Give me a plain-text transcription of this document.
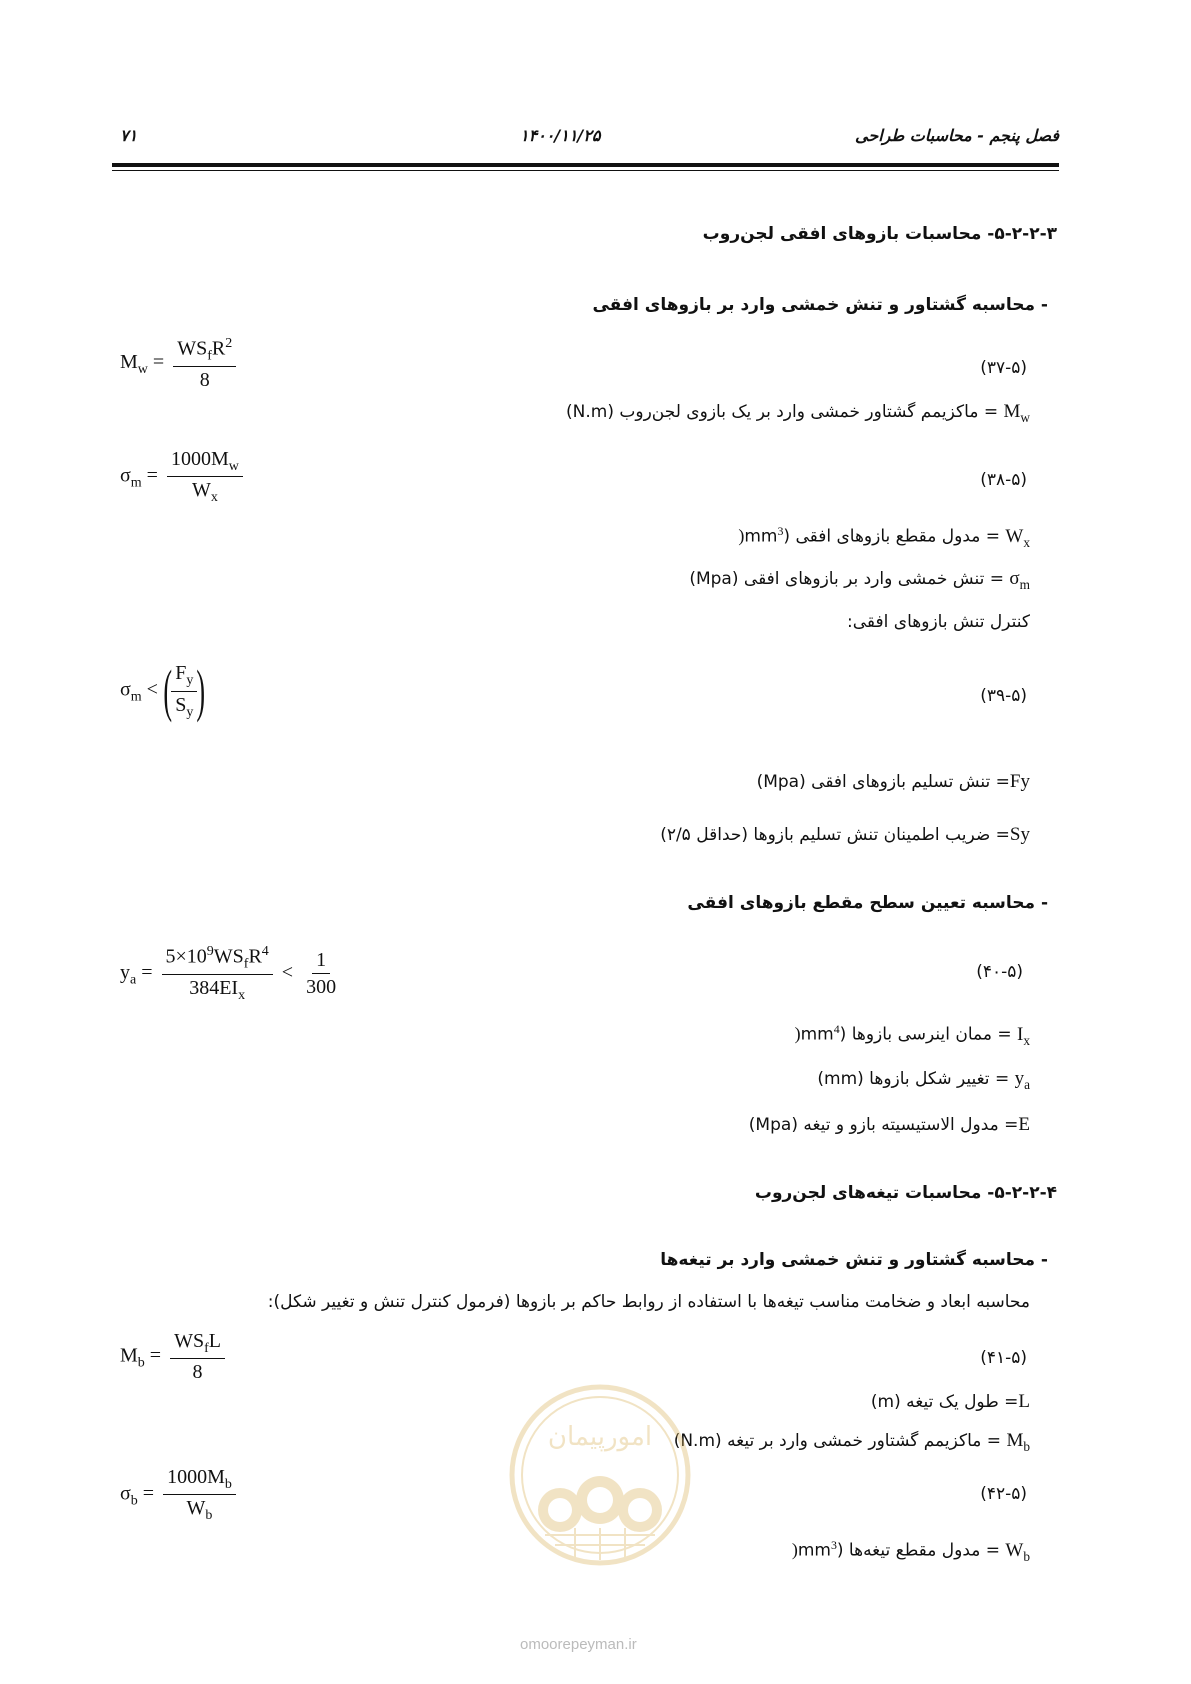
فصل پنجم - محاسبات طراحی
۱۴۰۰/۱۱/۲۵
۷۱
۵-۲-۲-۳- محاسبات بازوهای افقی لجن‌روب
- محاسبه گشتاور و تنش خمشی وارد بر بازوهای افقی
$M_w = \frac{WS_fR^2}{8}$	(۳۷-۵)
= ماکزیمم گشتاور خمشی وارد بر یک بازوی لجن‌روب (N.m) $M_w$
$\sigma_m = \frac{1000M_w}{W_x}$	(۳۸-۵)
)= مدول مقطع بازوهای افقی ($mm^3$	$W_x$
= تنش خمشی وارد بر بازوهای افقی (Mpa) $\sigma_m$
کنترل تنش بازوهای افقی:
$\sigma_m$ <( $\frac{F_y}{S_y}$ )	(۳۹-۵)
= تنش تسلیم بازوهای افقی (Mpa)Fy
= ضریب اطمینان تنش تسلیم بازوها (حداقل ۲/۵)Sy
- محاسبه تعیین سطح مقطع بازوهای افقی
$y_a = \frac{5\times 10^9WS_fR^4}{384EI_x} < \frac{1}{300}$	(۴۰-۵)
)= ممان اینرسی بازوها ($mm^4$	$I_x$
= تغییر شکل بازوها (mm) $y_a$
= مدول الاستیسیته بازو و تیغه (Mpa)E
۵-۲-۲-۴- محاسبات تیغه‌های لجن‌روب
- محاسبه گشتاور و تنش خمشی وارد بر تیغه‌ها
محاسبه ابعاد و ضخامت مناسب تیغه‌ها با استفاده از روابط حاکم بر بازوها (فرمول کنترل تنش و تغییر شکل):
$M_b = \frac{WS_fL}{8}$	(۴۱-۵)
= طول یک تیغه (m)L
= ماکزیمم گشتاور خمشی وارد بر تیغه (N.m) $M_b$
$\sigma_b = \frac{1000M_b}{W_b}$	(۴۲-۵)
)= مدول مقطع تیغه‌ها ($mm^3$	$W_b$
امورپیمان
omoorepeyman.ir
